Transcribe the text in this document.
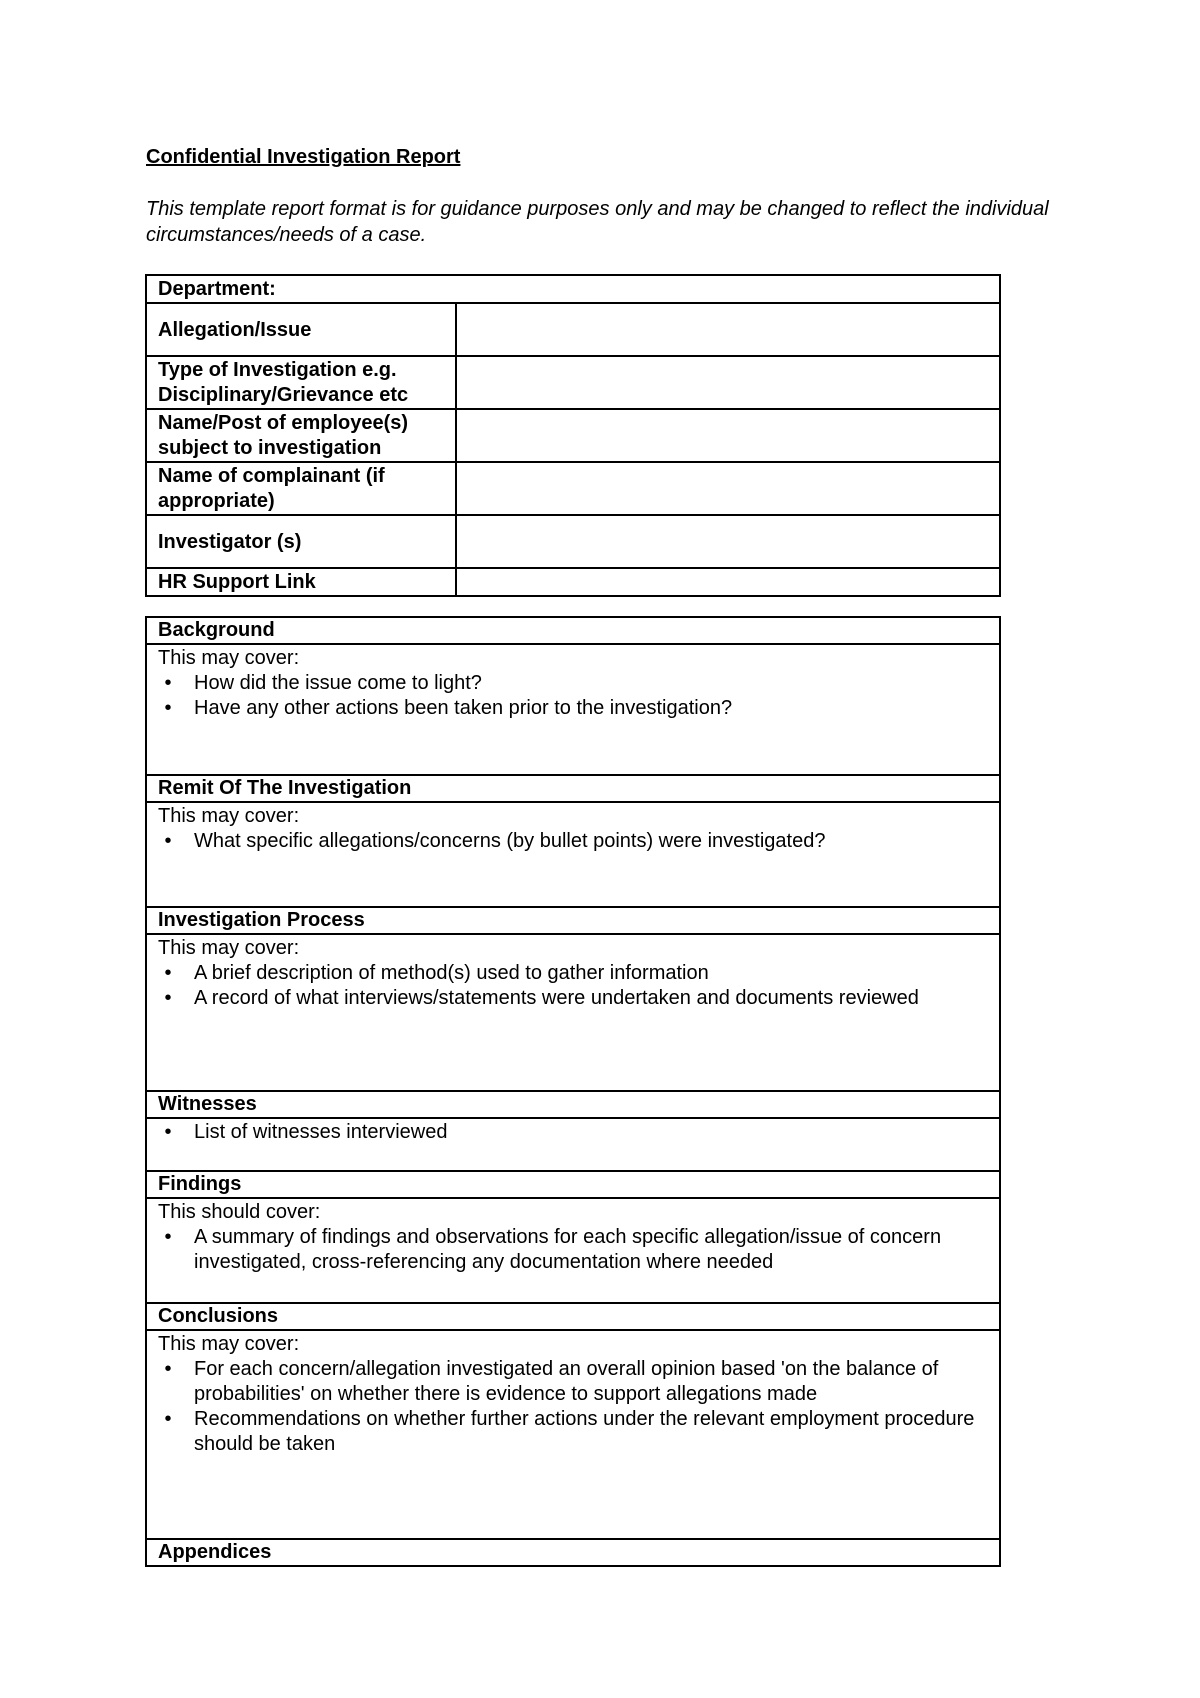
Confidential Investigation Report

This template report format is for guidance purposes only and may be changed to reflect the individual circumstances/needs of a case.

Department:	
Allegation/Issue	
Type of Investigation e.g. Disciplinary/Grievance etc	
Name/Post of employee(s) subject to investigation	
Name of complainant (if appropriate)	
Investigator (s)	
HR Support Link	
Background

This may cover:

•	How did the issue come to light?
•	Have any other actions been taken prior to the investigation?

Remit Of The Investigation

This may cover:

•	What specific allegations/concerns (by bullet points) were investigated?

Investigation Process

This may cover:

•	A brief description of method(s) used to gather information
•	A record of what interviews/statements were undertaken and documents reviewed

Witnesses

•	List of witnesses interviewed

Findings

This should cover:

•	A summary of findings and observations for each specific allegation/issue of concern investigated, cross-referencing any documentation where needed

Conclusions

This may cover:

•	For each concern/allegation investigated an overall opinion based 'on the balance of probabilities' on whether there is evidence to support allegations made
•	Recommendations on whether further actions under the relevant employment procedure should be taken

Appendices
